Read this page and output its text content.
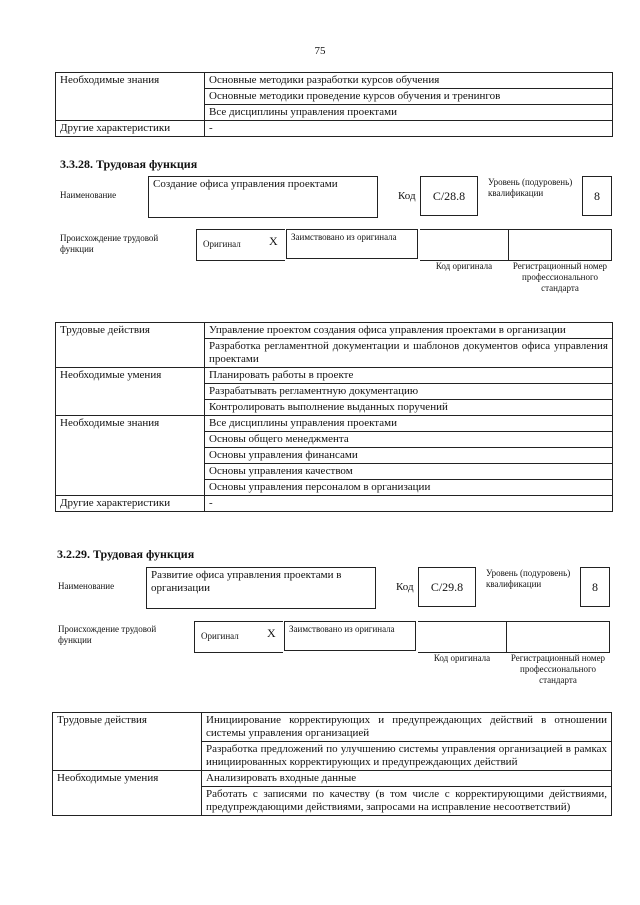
75
Необходимые знания	Основные методики разработки курсов обучения
	Основные методики проведение курсов обучения и тренингов
	Все дисциплины управления проектами
Другие характеристики	-
3.3.28. Трудовая функция
Наименование
Создание офиса управления проектами
Код	С/28.8
Уровень (подуровень) квалификации	8
Происхождение трудовой функции	Оригинал X	Заимствовано из оригинала
Код оригинала	Регистрационный номер профессионального стандарта
Трудовые действия	Управление проектом создания офиса управления проектами в организации
	Разработка регламентной документации и шаблонов документов офиса управления проектами
Необходимые умения	Планировать работы в проекте
	Разрабатывать регламентную документацию
	Контролировать выполнение выданных поручений
Необходимые знания	Все дисциплины управления проектами
	Основы общего менеджмента
	Основы управления финансами
	Основы управления качеством
	Основы управления персоналом в организации
Другие характеристики	-
3.2.29. Трудовая функция
Наименование
Развитие офиса управления проектами в организации	Код	С/29.8
Уровень (подуровень) квалификации	8
Происхождение трудовой функции	Оригинал X	Заимствовано из оригинала
Код оригинала	Регистрационный номер профессионального стандарта
Трудовые действия	Инициирование корректирующих и предупреждающих действий в отношении системы управления организацией
	Разработка предложений по улучшению системы управления организацией в рамках инициированных корректирующих и предупреждающих действий
Необходимые умения	Анализировать входные данные
	Работать с записями по качеству (в том числе с корректирующими действиями, предупреждающими действиями, запросами на исправление несоответствий)
